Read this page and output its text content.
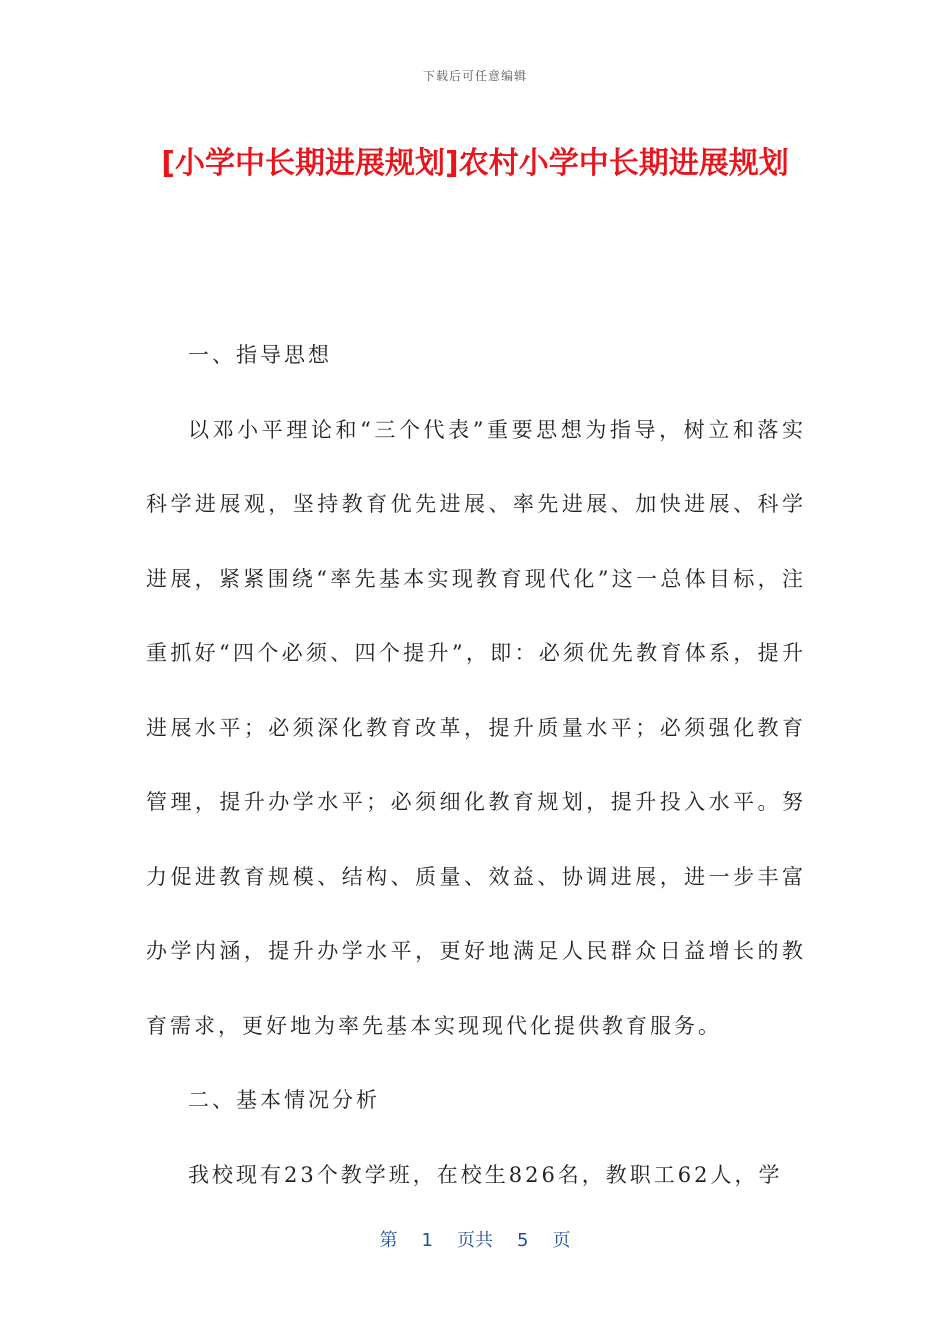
下载后可任意编辑
[小学中长期进展规划]农村小学中长期进展规划

一、指导思想

以邓小平理论和“三个代表”重要思想为指导，树立和落实科学进展观，坚持教育优先进展、率先进展、加快进展、科学进展，紧紧围绕“率先基本实现教育现代化”这一总体目标，注重抓好“四个必须、四个提升”，即：必须优先教育体系，提升进展水平；必须深化教育改革，提升质量水平；必须强化教育管理，提升办学水平；必须细化教育规划，提升投入水平。努力促进教育规模、结构、质量、效益、协调进展，进一步丰富办学内涵，提升办学水平，更好地满足人民群众日益增长的教育需求，更好地为率先基本实现现代化提供教育服务。

二、基本情况分析

我校现有23个教学班，在校生826名，教职工62人，学

第 1 页共 5 页
